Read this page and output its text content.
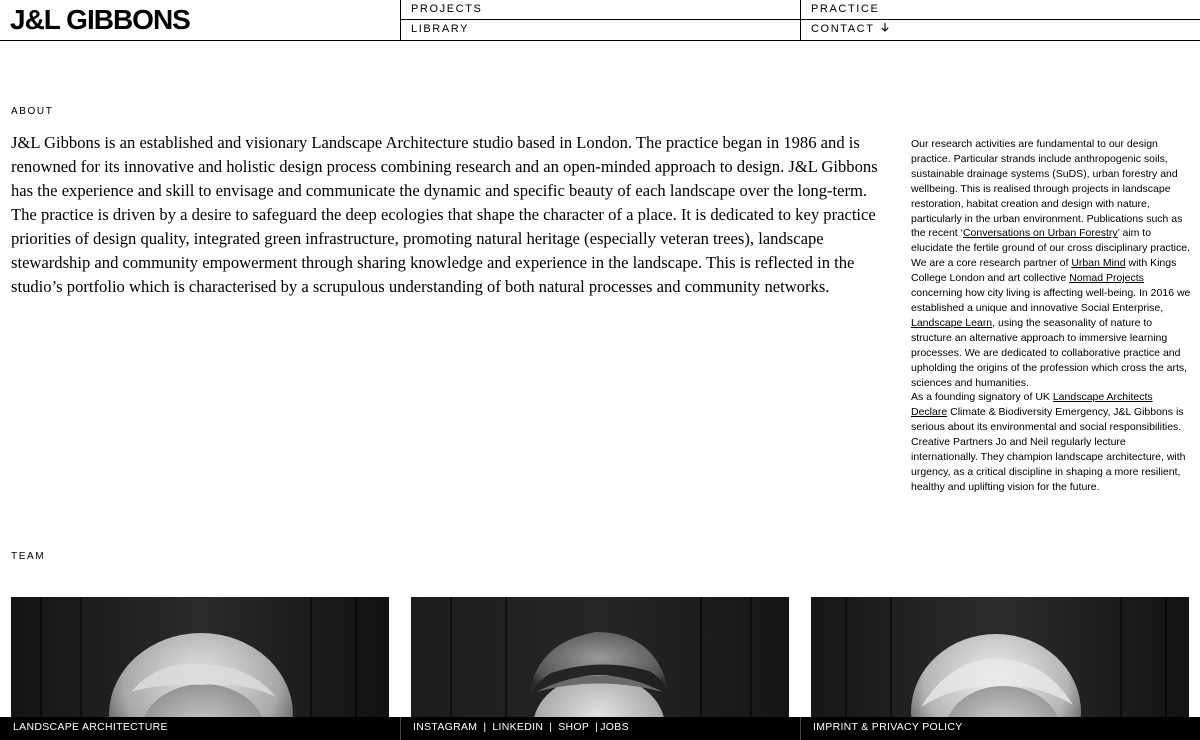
J&L GIBBONS	PROJECTS
LIBRARY
PRACTICE
CONTACT
ABOUT
J&L Gibbons is an established and visionary Landscape Architecture studio based in London. The practice began in 1986 and is renowned for its innovative and holistic design process combining research and an open-minded approach to design. J&L Gibbons has the experience and skill to envisage and communicate the dynamic and specific beauty of each landscape over the long-term. The practice is driven by a desire to safeguard the deep ecologies that shape the character of a place. It is dedicated to key practice priorities of design quality, integrated green infrastructure, promoting natural heritage (especially veteran trees), landscape stewardship and community empowerment through sharing knowledge and experience in the landscape. This is reflected in the studio’s portfolio which is characterised by a scrupulous understanding of both natural processes and community networks.

Our research activities are fundamental to our design practice. Particular strands include anthropogenic soils, sustainable drainage systems (SuDS), urban forestry and wellbeing. This is realised through projects in landscape restoration, habitat creation and design with nature, particularly in the urban environment. Publications such as the recent ‘Conversations on Urban Forestry’ aim to elucidate the fertile ground of our cross disciplinary practice. We are a core research partner of Urban Mind with Kings College London and art collective Nomad Projects concerning how city living is affecting well-being. In 2016 we established a unique and innovative Social Enterprise, Landscape Learn, using the seasonality of nature to structure an alternative approach to immersive learning processes. We are dedicated to collaborative practice and upholding the origins of the profession which cross the arts, sciences and humanities.

As a founding signatory of UK Landscape Architects Declare Climate & Biodiversity Emergency, J&L Gibbons is serious about its environmental and social responsibilities. Creative Partners Jo and Neil regularly lecture internationally. They champion landscape architecture, with urgency, as a critical discipline in shaping a more resilient, healthy and uplifting vision for the future.

TEAM
LANDSCAPE ARCHITECTURE	INSTAGRAM | LINKEDIN | SHOP | JOBS	IMPRINT & PRIVACY POLICY
